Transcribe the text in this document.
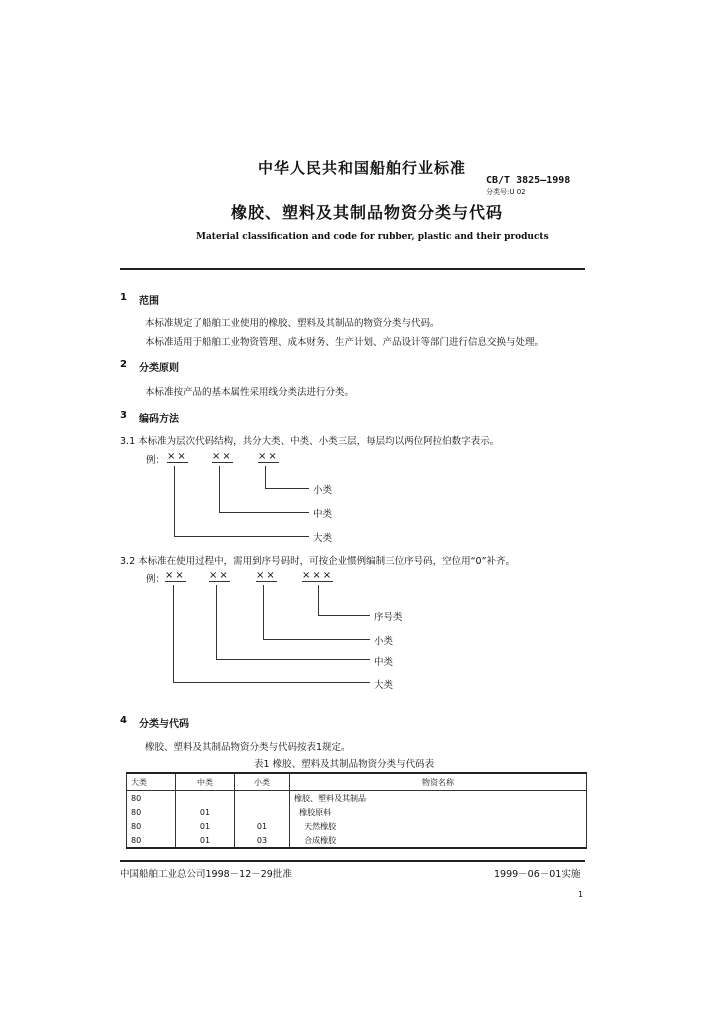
中华人民共和国船舶行业标准
CB/T 3825—1998
分类号:U 02
橡胶、塑料及其制品物资分类与代码
Material classification and code for rubber, plastic and their products
1 范围
本标准规定了船舶工业使用的橡胶、塑料及其制品的物资分类与代码。
本标准适用于船舶工业物资管理、成本财务、生产计划、产品设计等部门进行信息交换与处理。
2 分类原则
本标准按产品的基本属性采用线分类法进行分类。
3 编码方法
3.1 本标准为层次代码结构，共分大类、中类、小类三层，每层均以两位阿拉伯数字表示。
例： ×× ××	××
小类
中类
大类
3.2 本标准在使用过程中，需用到序号码时，可按企业惯例编制三位序号码，空位用“0”补齐。
例： ×× ××	××	×××
序号类
小类
中类
大类
4 分类与代码
橡胶、塑料及其制品物资分类与代码按表1规定。
表1 橡胶、塑料及其制品物资分类与代码表
大类	中类	小类	物资名称
80			橡胶、塑料及其制品
80	01		橡胶原料
80	01	01	天然橡胶
80	01	03	合成橡胶
中国船舶工业总公司1998－12－29批准	1999－06－01实施
1
